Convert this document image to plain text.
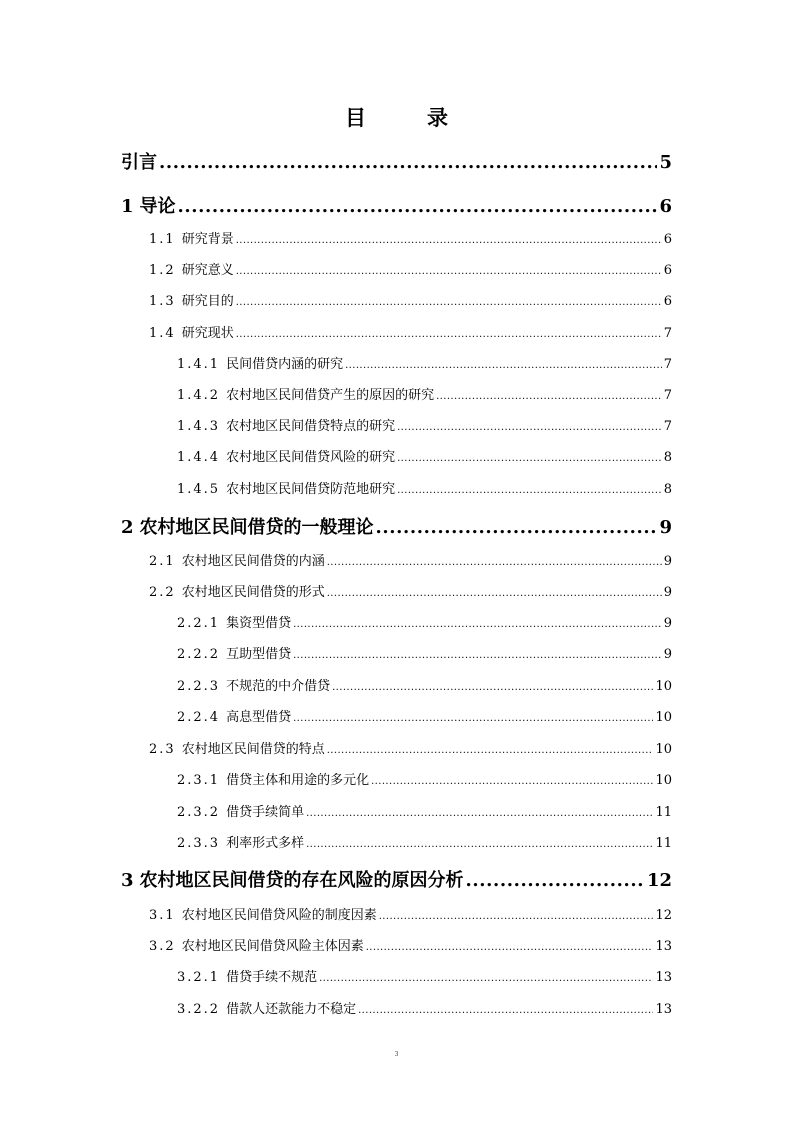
目　录
引言 .....	5
1 导论 .....	6
1.1 研究背景 .....	6
1.2 研究意义 .....	6
1.3 研究目的 .....	6
1.4 研究现状 .....	7
1.4.1 民间借贷内涵的研究 .....	7
1.4.2 农村地区民间借贷产生的原因的研究 .....	7
1.4.3 农村地区民间借贷特点的研究 .....	7
1.4.4 农村地区民间借贷风险的研究 .....	8
1.4.5 农村地区民间借贷防范地研究 .....	8
2 农村地区民间借贷的一般理论 .....	9
2.1 农村地区民间借贷的内涵 .....	9
2.2 农村地区民间借贷的形式 .....	9
2.2.1 集资型借贷 .....	9
2.2.2 互助型借贷 .....	9
2.2.3 不规范的中介借贷 .....	10
2.2.4 高息型借贷 .....	10
2.3 农村地区民间借贷的特点 .....	10
2.3.1 借贷主体和用途的多元化 .....	10
2.3.2 借贷手续简单 .....	11
2.3.3 利率形式多样 .....	11
3 农村地区民间借贷的存在风险的原因分析 .....	12
3.1 农村地区民间借贷风险的制度因素 .....	12
3.2 农村地区民间借贷风险主体因素 .....	13
3.2.1 借贷手续不规范 .....	13
3.2.2 借款人还款能力不稳定 .....	13
3
